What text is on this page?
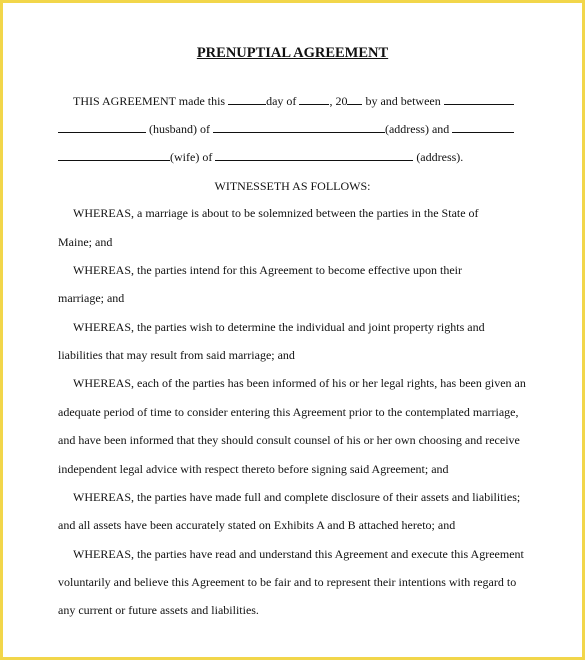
PRENUPTIAL AGREEMENT
THIS AGREEMENT made this	day of	, 20 by and between
(husband) of	(address) and
(wife) of	(address).
WITNESSETH AS FOLLOWS:
WHEREAS, a marriage is about to be solemnized between the parties in the State of
Maine; and
WHEREAS, the parties intend for this Agreement to become effective upon their
marriage; and
WHEREAS, the parties wish to determine the individual and joint property rights and
liabilities that may result from said marriage; and
WHEREAS, each of the parties has been informed of his or her legal rights, has been given an
adequate period of time to consider entering this Agreement prior to the contemplated marriage,
and have been informed that they should consult counsel of his or her own choosing and receive
independent legal advice with respect thereto before signing said Agreement; and
WHEREAS, the parties have made full and complete disclosure of their assets and liabilities;
and all assets have been accurately stated on Exhibits A and B attached hereto; and
WHEREAS, the parties have read and understand this Agreement and execute this Agreement
voluntarily and believe this Agreement to be fair and to represent their intentions with regard to
any current or future assets and liabilities.
